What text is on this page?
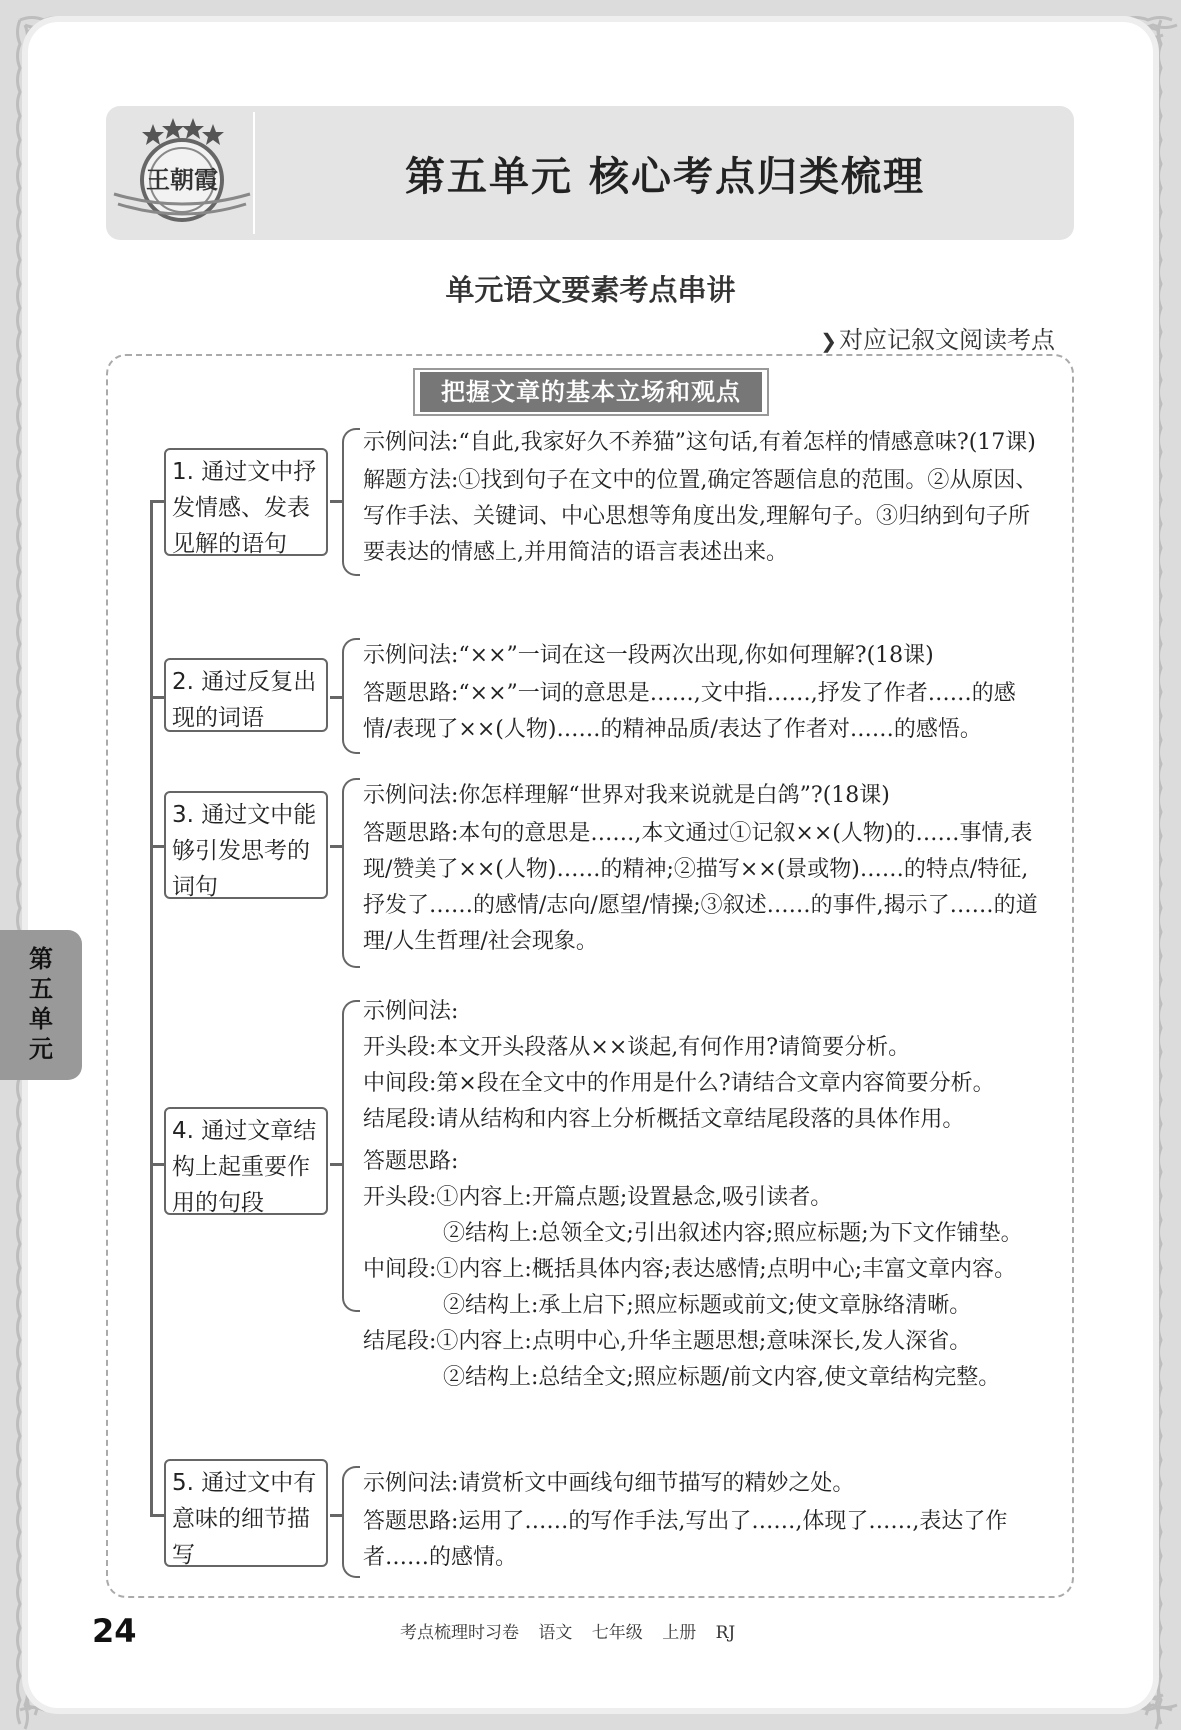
王朝霞	第五单元 核心考点归类梳理
单元语文要素考点串讲
❯对应记叙文阅读考点
把握文章的基本立场和观点
1. 通过文中抒发情感、发表见解的语句

示例问法:“自此,我家好久不养猫”这句话,有着怎样的情感意味?(17课)

解题方法:①找到句子在文中的位置,确定答题信息的范围。②从原因、写作手法、关键词、中心思想等角度出发,理解句子。③归纳到句子所要表达的情感上,并用简洁的语言表述出来。

2. 通过反复出现的词语

示例问法:“××”一词在这一段两次出现,你如何理解?(18课)

答题思路:“××”一词的意思是……,文中指……,抒发了作者……的感情/表现了××(人物)……的精神品质/表达了作者对……的感悟。

3. 通过文中能够引发思考的词句

示例问法:你怎样理解“世界对我来说就是白鸽”?(18课)

答题思路:本句的意思是……,本文通过①记叙××(人物)的……事情,表现/赞美了××(人物)……的精神;②描写××(景或物)……的特点/特征,抒发了……的感情/志向/愿望/情操;③叙述……的事件,揭示了……的道理/人生哲理/社会现象。

4. 通过文章结构上起重要作用的句段

示例问法:

开头段:本文开头段落从××谈起,有何作用?请简要分析。

中间段:第×段在全文中的作用是什么?请结合文章内容简要分析。

结尾段:请从结构和内容上分析概括文章结尾段落的具体作用。

答题思路:

开头段:①内容上:开篇点题;设置悬念,吸引读者。

②结构上:总领全文;引出叙述内容;照应标题;为下文作铺垫。

中间段:①内容上:概括具体内容;表达感情;点明中心;丰富文章内容。

②结构上:承上启下;照应标题或前文;使文章脉络清晰。

结尾段:①内容上:点明中心,升华主题思想;意味深长,发人深省。

②结构上:总结全文;照应标题/前文内容,使文章结构完整。

5. 通过文中有意味的细节描写

示例问法:请赏析文中画线句细节描写的精妙之处。

答题思路:运用了……的写作手法,写出了……,体现了……,表达了作者……的感情。

第五单元
24	考点梳理时习卷 语文 七年级 上册 RJ
